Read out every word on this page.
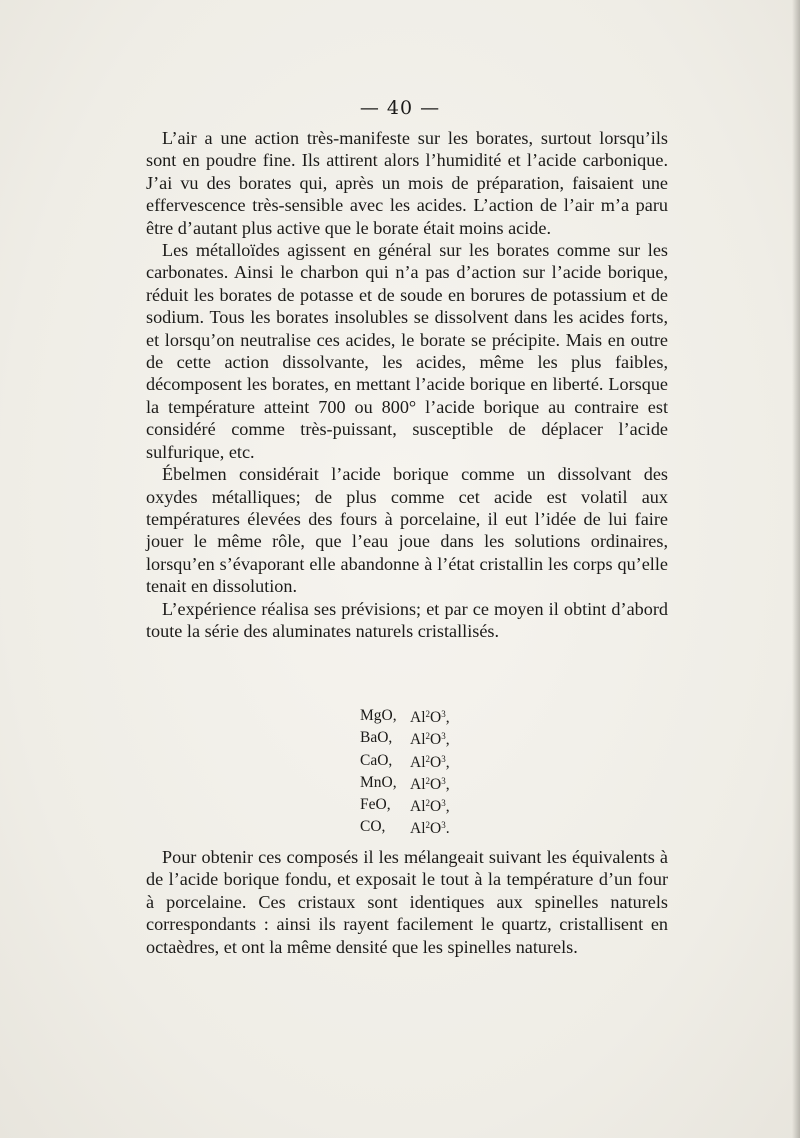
— 40 —

L’air a une action très-manifeste sur les borates, surtout lorsqu’ils sont en poudre fine. Ils attirent alors l’humidité et l’acide carbonique. J’ai vu des borates qui, après un mois de préparation, faisaient une effervescence très-sensible avec les acides. L’action de l’air m’a paru être d’autant plus active que le borate était moins acide.

Les métalloïdes agissent en général sur les borates comme sur les carbonates. Ainsi le charbon qui n’a pas d’action sur l’acide borique, réduit les borates de potasse et de soude en borures de potassium et de sodium. Tous les borates insolubles se dissolvent dans les acides forts, et lorsqu’on neutralise ces acides, le borate se précipite. Mais en outre de cette action dissolvante, les acides, même les plus faibles, décomposent les borates, en mettant l’acide borique en liberté. Lorsque la température atteint 700 ou 800° l’acide borique au contraire est considéré comme très-puissant, susceptible de déplacer l’acide sulfurique, etc.

Ébelmen considérait l’acide borique comme un dissolvant des oxydes métalliques; de plus comme cet acide est volatil aux températures élevées des fours à porcelaine, il eut l’idée de lui faire jouer le même rôle, que l’eau joue dans les solutions ordinaires, lorsqu’en s’évaporant elle abandonne à l’état cristallin les corps qu’elle tenait en dissolution.

L’expérience réalisa ses prévisions; et par ce moyen il obtint d’abord toute la série des aluminates naturels cristallisés.

MgO,	$Al^2O^3$,
BaO,	$Al^2O^3$,
CaO,	$Al^2O^3$,
MnO,	$Al^2O^3$,
FeO,	$Al^2O^3$,
CO,	$Al^2O^3$.

Pour obtenir ces composés il les mélangeait suivant les équivalents à de l’acide borique fondu, et exposait le tout à la température d’un four à porcelaine. Ces cristaux sont identiques aux spinelles naturels correspondants : ainsi ils rayent facilement le quartz, cristallisent en octaèdres, et ont la même densité que les spinelles naturels.
